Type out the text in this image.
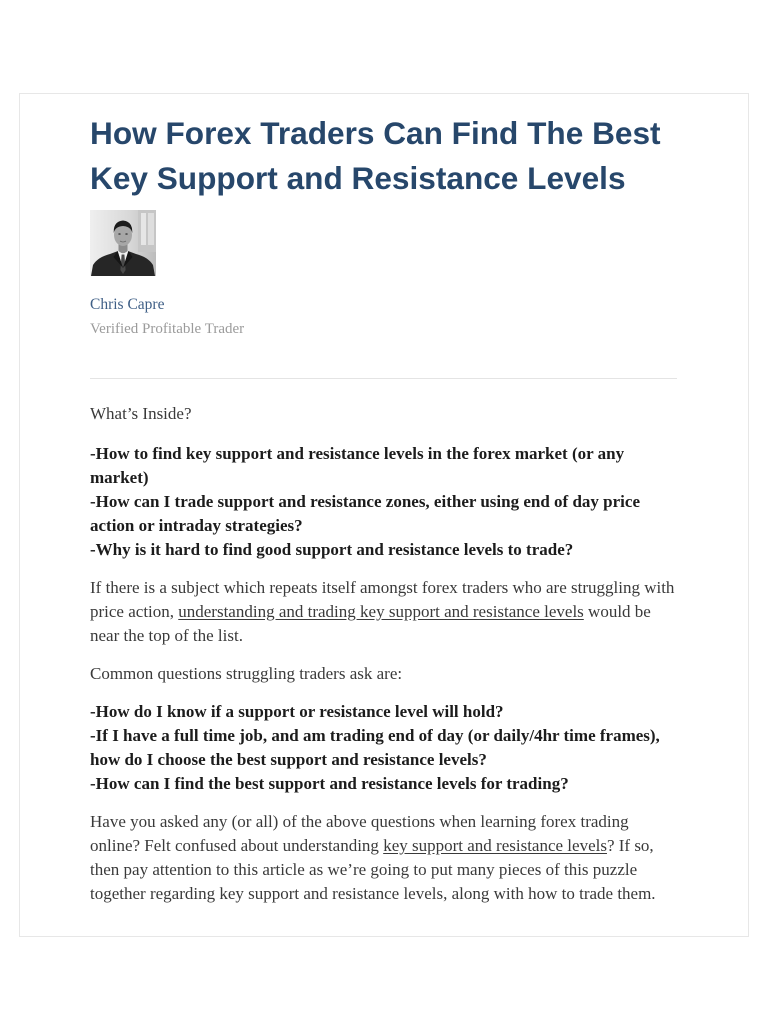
How Forex Traders Can Find The Best Key Support and Resistance Levels
Chris Capre
Verified Profitable Trader
What’s Inside?
-How to find key support and resistance levels in the forex market (or any market)
-How can I trade support and resistance zones, either using end of day price action or intraday strategies?
-Why is it hard to find good support and resistance levels to trade?
If there is a subject which repeats itself amongst forex traders who are struggling with price action, understanding and trading key support and resistance levels would be near the top of the list.
Common questions struggling traders ask are:
-How do I know if a support or resistance level will hold?
-If I have a full time job, and am trading end of day (or daily/4hr time frames), how do I choose the best support and resistance levels?
-How can I find the best support and resistance levels for trading?
Have you asked any (or all) of the above questions when learning forex trading online? Felt confused about understanding key support and resistance levels? If so, then pay attention to this article as we’re going to put many pieces of this puzzle together regarding key support and resistance levels, along with how to trade them.
